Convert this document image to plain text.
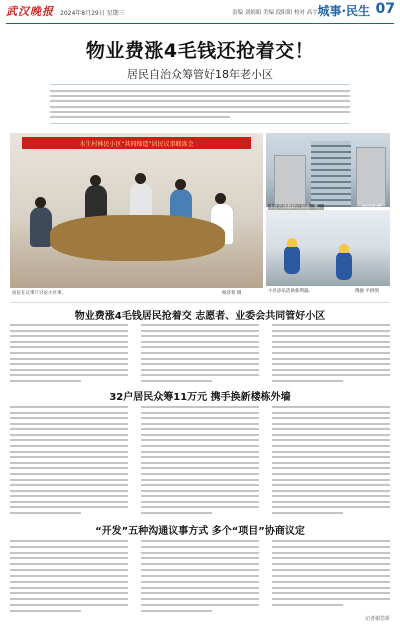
武汉晚报 2024年8月29日 星期三	责编 刘娟娟 美编 段阳阳 校对 高宇 城事·民生 07
物业费涨4毛钱还抢着交！
居民自治众筹管好18年老小区
水生村林民小区“共同缔造”居民议事联席会
居民在议事厅讨论小区事。	杨济希 摄
小区外墙翻新后面貌一新。	杨济希 摄
小区添乐活助新利器。	傅骏 平供图
物业费涨4毛钱居民抢着交 志愿者、业委会共同管好小区
32户居民众筹11万元 携手换新楼栋外墙
“开发”五种沟通议事方式 多个“项目”协商议定
记者谢思妍
